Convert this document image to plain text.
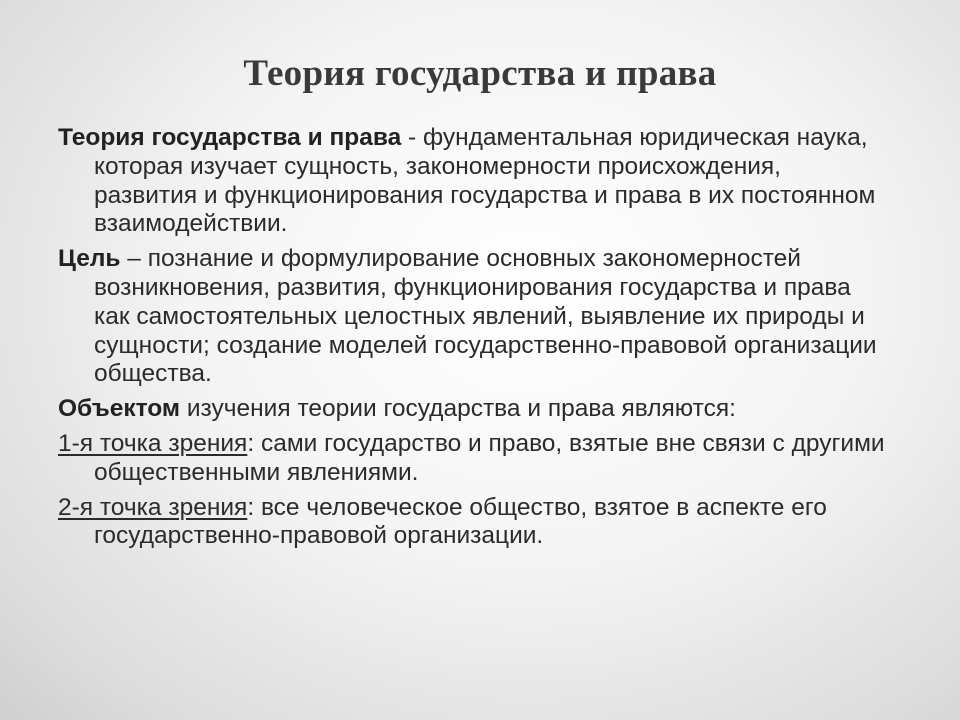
Теория государства и права

Теория государства и права - фундаментальная юридическая наука, которая изучает сущность, закономерности происхождения, развития и функционирования государства и права в их постоянном взаимодействии.

Цель – познание и формулирование основных закономерностей возникновения, развития, функционирования государства и права как самостоятельных целостных явлений, выявление их природы и сущности; создание моделей государственно-правовой организации общества.

Объектом изучения теории государства и права являются:

1-я точка зрения: сами государство и право, взятые вне связи с другими общественными явлениями.

2-я точка зрения: все человеческое общество, взятое в аспекте его государственно-правовой организации.
